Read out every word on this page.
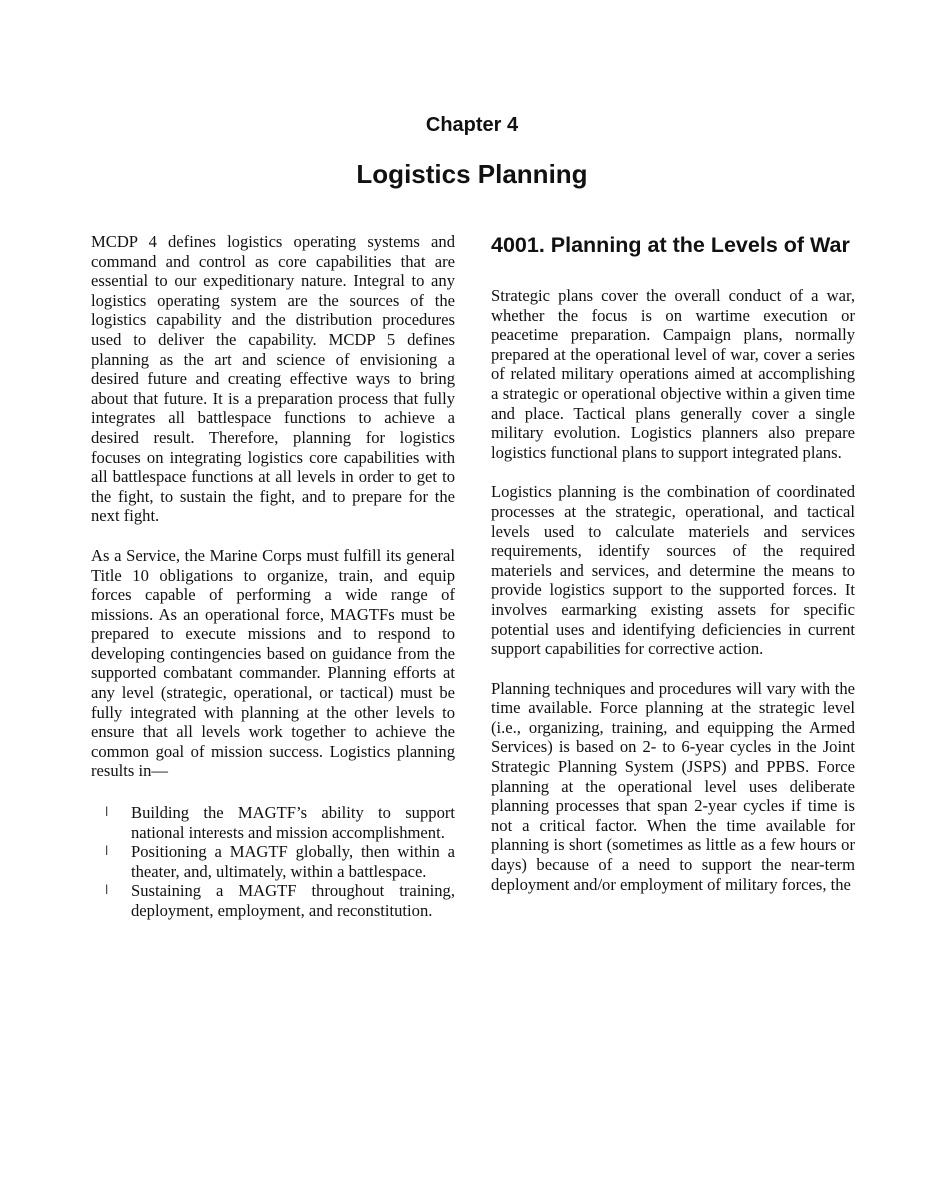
Chapter 4
Logistics Planning

MCDP 4 defines logistics operating systems and command and control as core capabilities that are essential to our expeditionary nature. Integral to any logistics operating system are the sources of the logistics capability and the distribution procedures used to deliver the capability. MCDP 5 defines planning as the art and science of envisioning a desired future and creating effective ways to bring about that future. It is a preparation process that fully integrates all battlespace functions to achieve a desired result. Therefore, planning for logistics focuses on integrating logistics core capabilities with all battlespace functions at all levels in order to get to the fight, to sustain the fight, and to prepare for the next fight.

As a Service, the Marine Corps must fulfill its general Title 10 obligations to organize, train, and equip forces capable of performing a wide range of missions. As an operational force, MAGTFs must be prepared to execute missions and to respond to developing contingencies based on guidance from the supported combatant commander. Planning efforts at any level (strategic, operational, or tactical) must be fully integrated with planning at the other levels to ensure that all levels work together to achieve the common goal of mission success. Logistics planning results in—

l Building the MAGTF’s ability to support national interests and mission accomplishment.
l Positioning a MAGTF globally, then within a theater, and, ultimately, within a battlespace.
l Sustaining a MAGTF throughout training, deployment, employment, and reconstitution.
4001. Planning at the Levels of War

Strategic plans cover the overall conduct of a war, whether the focus is on wartime execution or peacetime preparation. Campaign plans, normally prepared at the operational level of war, cover a series of related military operations aimed at accomplishing a strategic or operational objective within a given time and place. Tactical plans generally cover a single military evolution. Logistics planners also prepare logistics functional plans to support integrated plans.

Logistics planning is the combination of coordinated processes at the strategic, operational, and tactical levels used to calculate materiels and services requirements, identify sources of the required materiels and services, and determine the means to provide logistics support to the supported forces. It involves earmarking existing assets for specific potential uses and identifying deficiencies in current support capabilities for corrective action.

Planning techniques and procedures will vary with the time available. Force planning at the strategic level (i.e., organizing, training, and equipping the Armed Services) is based on 2- to 6-year cycles in the Joint Strategic Planning System (JSPS) and PPBS. Force planning at the operational level uses deliberate planning processes that span 2-year cycles if time is not a critical factor. When the time available for planning is short (sometimes as little as a few hours or days) because of a need to support the near-term deployment and/or employment of military forces, the
